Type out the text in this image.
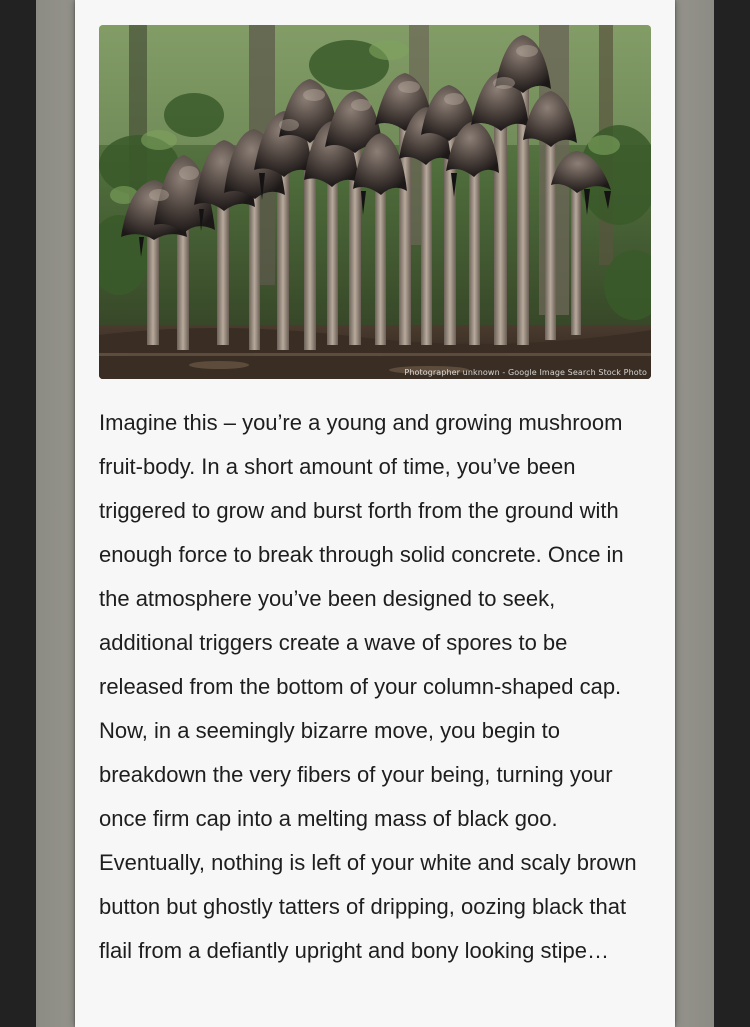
Photographer unknown - Google Image Search Stock Photo

Imagine this – you’re a young and growing mushroom fruit-body. In a short amount of time, you’ve been triggered to grow and burst forth from the ground with enough force to break through solid concrete. Once in the atmosphere you’ve been designed to seek, additional triggers create a wave of spores to be released from the bottom of your column-shaped cap. Now, in a seemingly bizarre move, you begin to breakdown the very fibers of your being, turning your once firm cap into a melting mass of black goo. Eventually, nothing is left of your white and scaly brown button but ghostly tatters of dripping, oozing black that flail from a defiantly upright and bony looking stipe…
